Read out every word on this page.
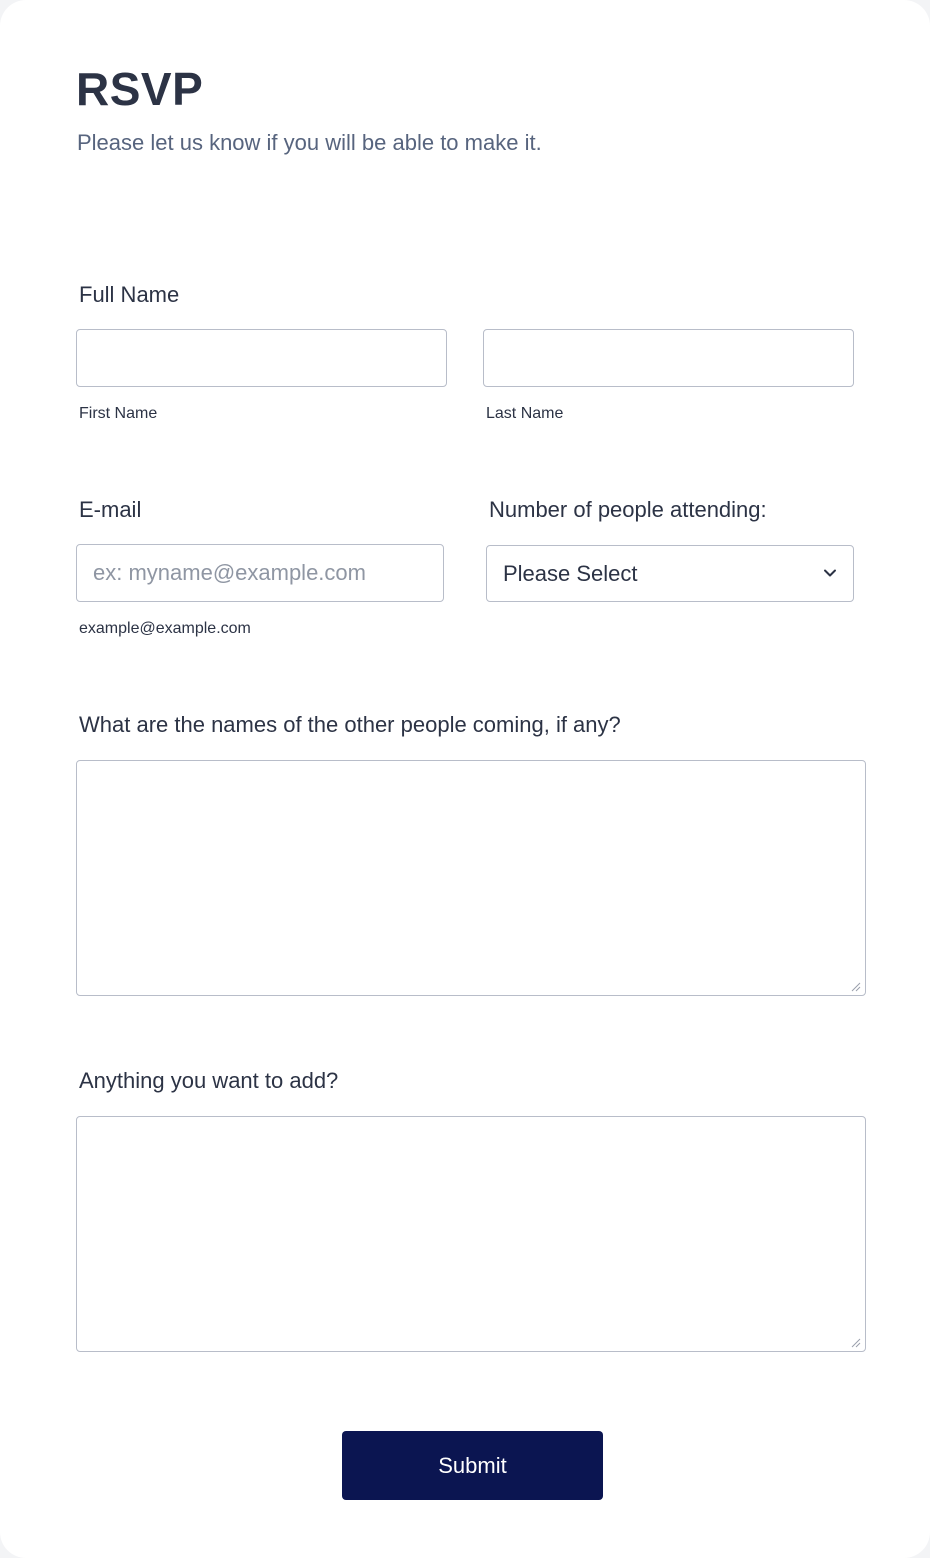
RSVP
Please let us know if you will be able to make it.
Full Name
First Name	Last Name
E-mail
ex: myname@example.com
example@example.com
Number of people attending:
Please Select
What are the names of the other people coming, if any?
Anything you want to add?
Submit
